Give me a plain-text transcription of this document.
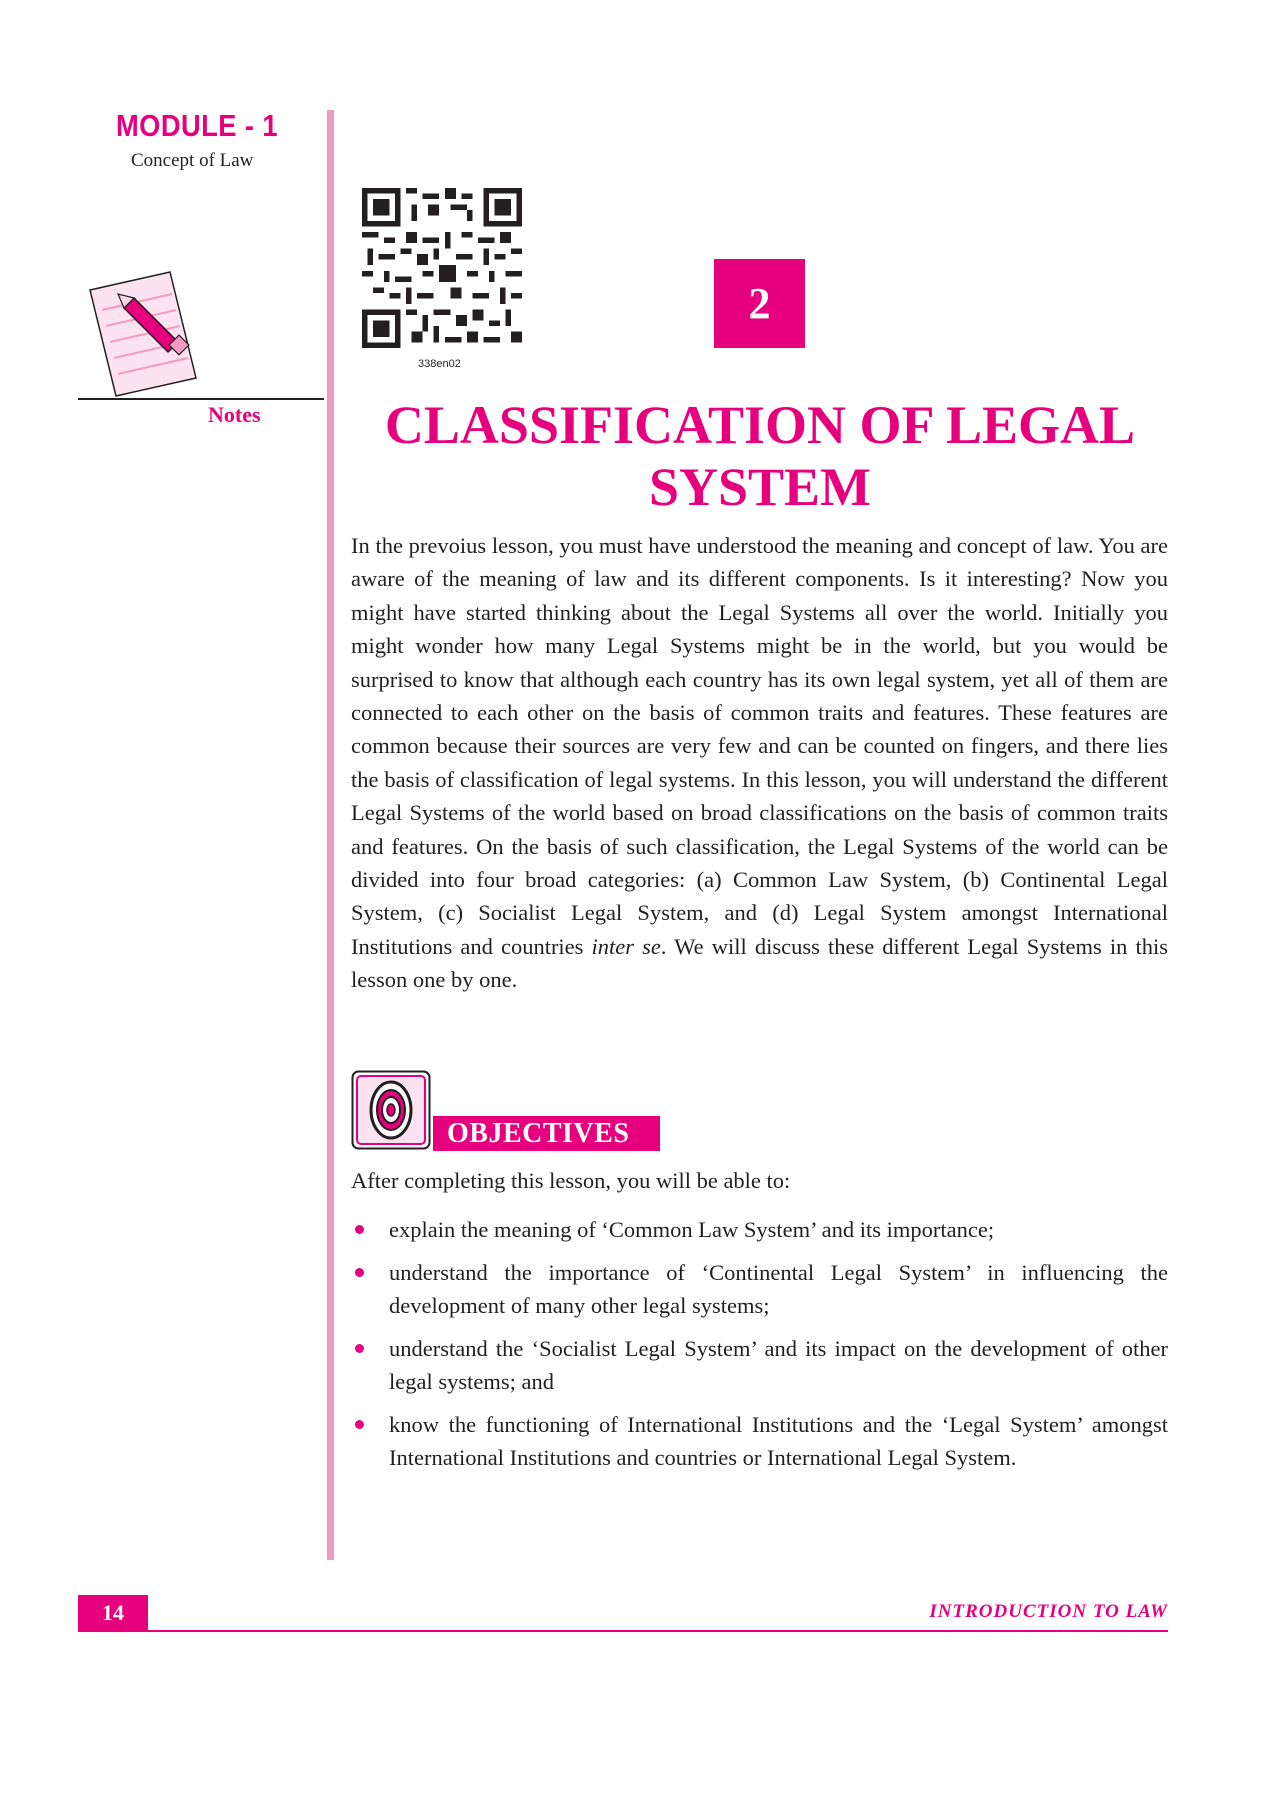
MODULE - 1
Concept of Law
Notes
338en02
2
CLASSIFICATION OF LEGAL
SYSTEM

In the prevoius lesson, you must have understood the meaning and concept of law. You are aware of the meaning of law and its different components. Is it interesting? Now you might have started thinking about the Legal Systems all over the world. Initially you might wonder how many Legal Systems might be in the world, but you would be surprised to know that although each country has its own legal system, yet all of them are connected to each other on the basis of common traits and features. These features are common because their sources are very few and can be counted on fingers, and there lies the basis of classification of legal systems. In this lesson, you will understand the different Legal Systems of the world based on broad classifications on the basis of common traits and features. On the basis of such classification, the Legal Systems of the world can be divided into four broad categories: (a) Common Law System, (b) Continental Legal System, (c) Socialist Legal System, and (d) Legal System amongst International Institutions and countries inter se. We will discuss these different Legal Systems in this lesson one by one.

OBJECTIVES
After completing this lesson, you will be able to:
explain the meaning of ‘Common Law System’ and its importance;
understand the importance of ‘Continental Legal System’ in influencing the development of many other legal systems;
understand the ‘Socialist Legal System’ and its impact on the development of other legal systems; and
know the functioning of International Institutions and the ‘Legal System’ amongst International Institutions and countries or International Legal System.
14	INTRODUCTION TO LAW
